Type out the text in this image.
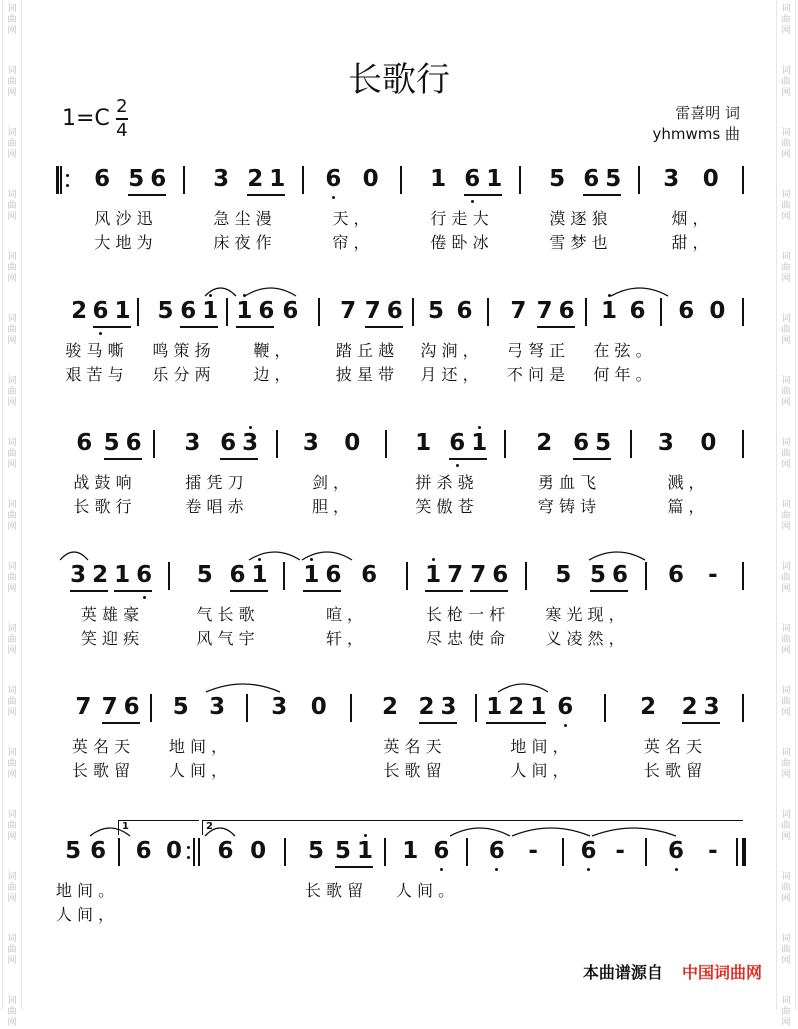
词
曲
网
词
曲
网
词
曲
网
词
曲
网
词
曲
网
词
曲
网
词
曲
网
词
曲
网
词
曲
网
词
曲
网
词
曲
网
词
曲
网
词
曲
网
词
曲
网
词
曲
网
词
曲
网
词
曲
网
词
曲
网
词
曲
网
词
曲
网
词
曲
网
词
曲
网
词
曲
网
词
曲
网
词
曲
网
词
曲
网
词
曲
网
词
曲
网
词
曲
网
词
曲
网
词
曲
网
词
曲
网
词
曲
网
词
曲
网
长歌行
$1=C \frac{2}{4}$	雷喜明 词
yhmwms 曲
6 5 6 3 2 1 6 0 1 6 1 5 6 5 3 0
风 沙 迅	急 尘 漫	天 ，	行 走 大	漠 逐 狼	烟 ，
大 地 为	床 夜 作	帘 ，	倦 卧 冰	雪 梦 也	甜 ，
2 6 1 5 6 1 1 6 6 7 7 6 5 6 7 7 6 1 6 6 0
骏 马 嘶 鸣 策 扬	鞭 ，	踏 丘 越 沟 涧 ， 弓 弩 正 在 弦 。
艰 苦 与 乐 分 两	边 ，	披 星 带 月 还 ， 不 问 是 何 年 。
6 5 6 3 6 3 3 0 1 6 1 2 6 5 3 0
战 鼓 响	擂 凭 刀	剑 ，	拼 杀 骁	勇 血 飞	溅 ，
长 歌 行	卷 唱 赤	胆 ，	笑 傲 苍	穹 铸 诗	篇 ，
3 2 1 6 5 6 1 1 6 6 1 7 7 6 5 5 6 6 -
英 雄 豪	气 长 歌	喧 ，	长 枪 一 杆	寒 光 现 ，
笑 迎 疾	风 气 宇	轩 ，	尽 忠 使 命	义 凌 然 ，
7 7 6 5 3 3 0 2 2 3 1 2 1 6	2 2 3
英 名 天 地 间 ，	英 名 天	地 间 ，	英 名 天
长 歌 留 人 间 ，	长 歌 留	人 间 ，	长 歌 留
5 6 6 0 6 0 5 5 1 1 6 6 - 6 - 6 -
1	2
地 间 。	长 歌 留 人 间 。
人 间 ，
本曲谱源自 中国词曲网
